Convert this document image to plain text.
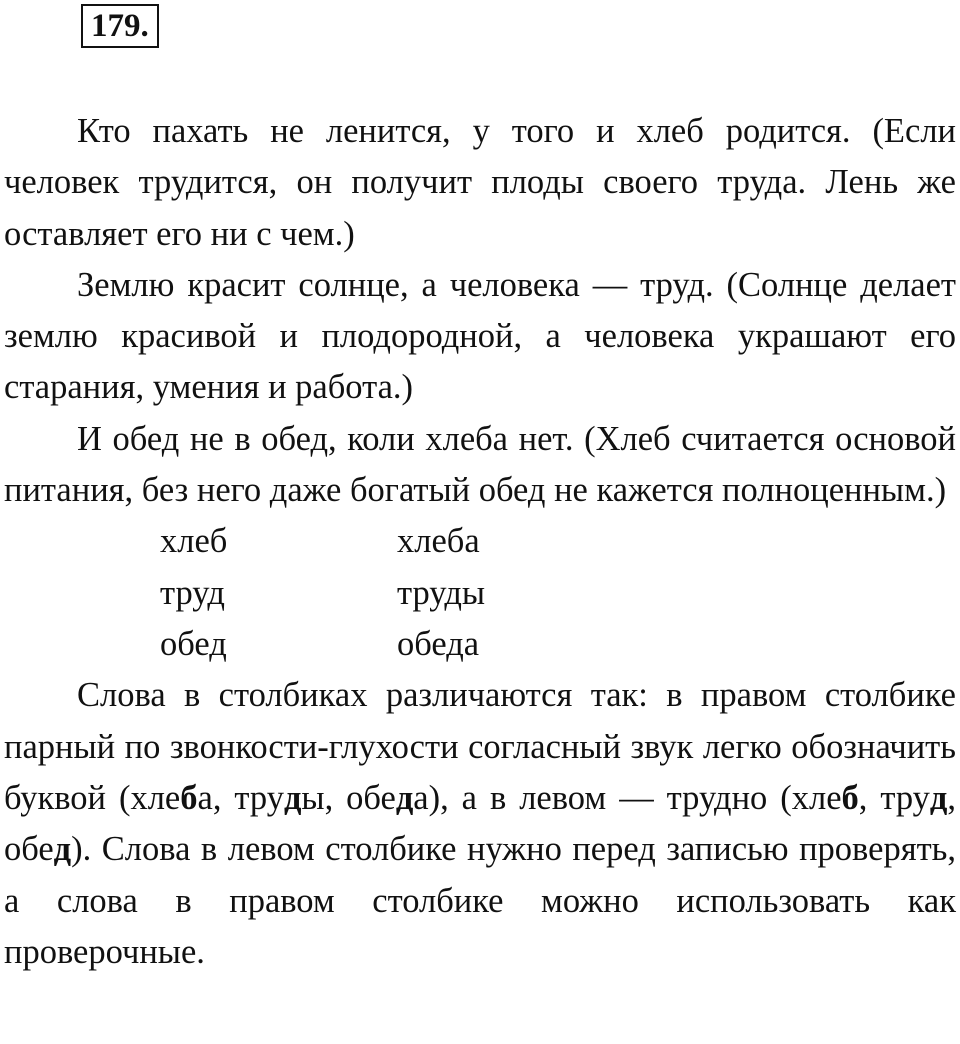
179.

Кто пахать не ленится, у того и хлеб родится. (Если человек трудится, он получит плоды своего труда. Лень же оставляет его ни с чем.)

Землю красит солнце, а человека — труд. (Солнце делает землю красивой и плодородной, а человека украшают его старания, умения и работа.)

И обед не в обед, коли хлеба нет. (Хлеб считается основой питания, без него даже богатый обед не кажется полноценным.)

хлеб	хлеба
труд	труды
обед	обеда

Слова в столбиках различаются так: в правом столбике парный по звонкости-глухости согласный звук легко обозначить буквой (хлеба, труды, обеда), а в левом — трудно (хлеб, труд, обед). Слова в левом столбике нужно перед записью проверять, а слова в правом столбике можно использовать как проверочные.
